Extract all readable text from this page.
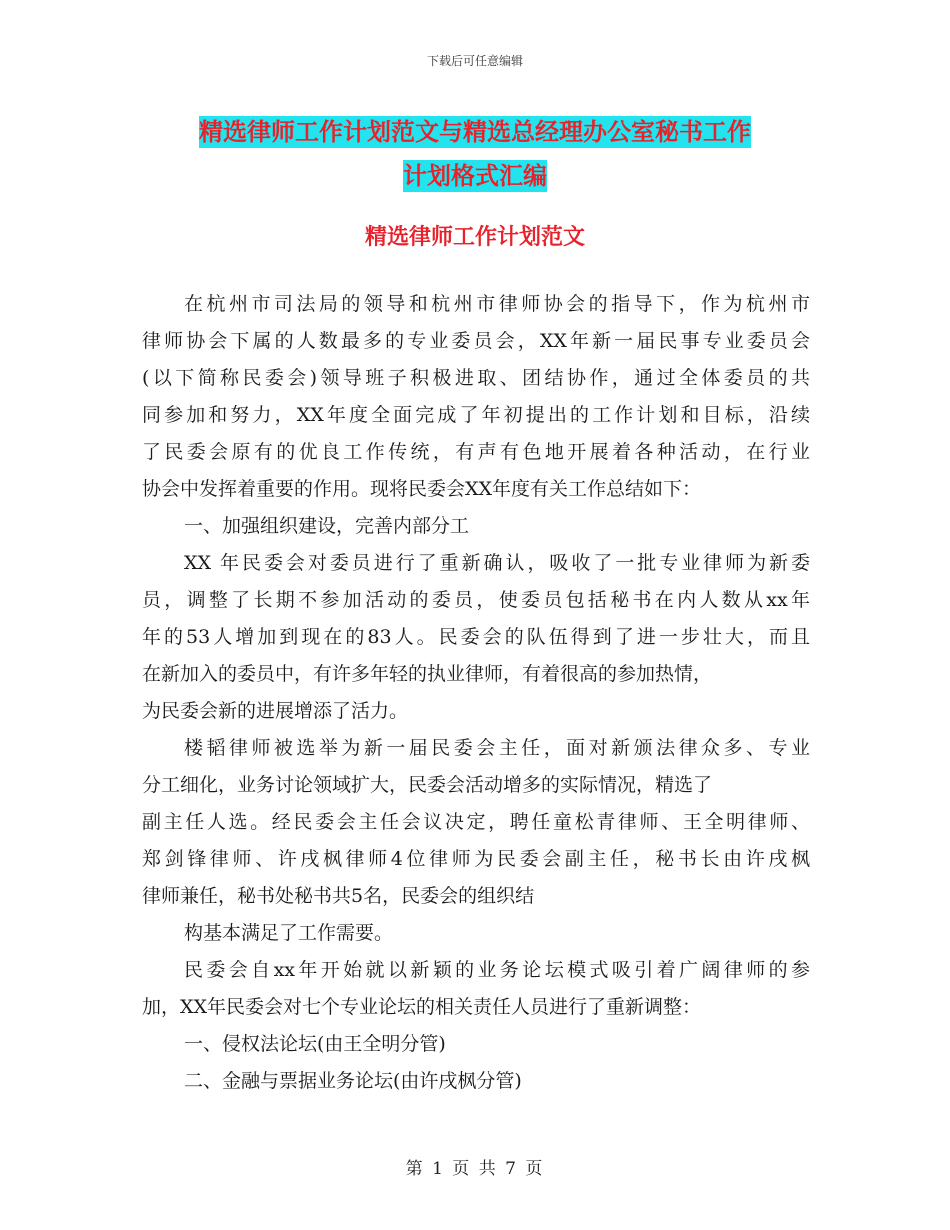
下载后可任意编辑
精选律师工作计划范文与精选总经理办公室秘书工作
计划格式汇编
精选律师工作计划范文
在杭州市司法局的领导和杭州市律师协会的指导下，作为杭州市
律师协会下属的人数最多的专业委员会，XX年新一届民事专业委员会
(以下简称民委会)领导班子积极进取、团结协作，通过全体委员的共
同参加和努力，XX年度全面完成了年初提出的工作计划和目标，沿续
了民委会原有的优良工作传统，有声有色地开展着各种活动，在行业
协会中发挥着重要的作用。现将民委会XX年度有关工作总结如下：
一、加强组织建设，完善内部分工
XX 年民委会对委员进行了重新确认，吸收了一批专业律师为新委
员，调整了长期不参加活动的委员，使委员包括秘书在内人数从xx年
年的53人增加到现在的83人。民委会的队伍得到了进一步壮大，而且
在新加入的委员中，有许多年轻的执业律师，有着很高的参加热情，
为民委会新的进展增添了活力。
楼韬律师被选举为新一届民委会主任，面对新颁法律众多、专业
分工细化，业务讨论领域扩大，民委会活动增多的实际情况，精选了
副主任人选。经民委会主任会议决定，聘任童松青律师、王全明律师、
郑剑锋律师、许戌枫律师4位律师为民委会副主任，秘书长由许戌枫
律师兼任，秘书处秘书共5名，民委会的组织结
构基本满足了工作需要。
民委会自xx年开始就以新颖的业务论坛模式吸引着广阔律师的参
加，XX年民委会对七个专业论坛的相关责任人员进行了重新调整：
一、侵权法论坛(由王全明分管)
二、金融与票据业务论坛(由许戌枫分管)
第 1 页 共 7 页
